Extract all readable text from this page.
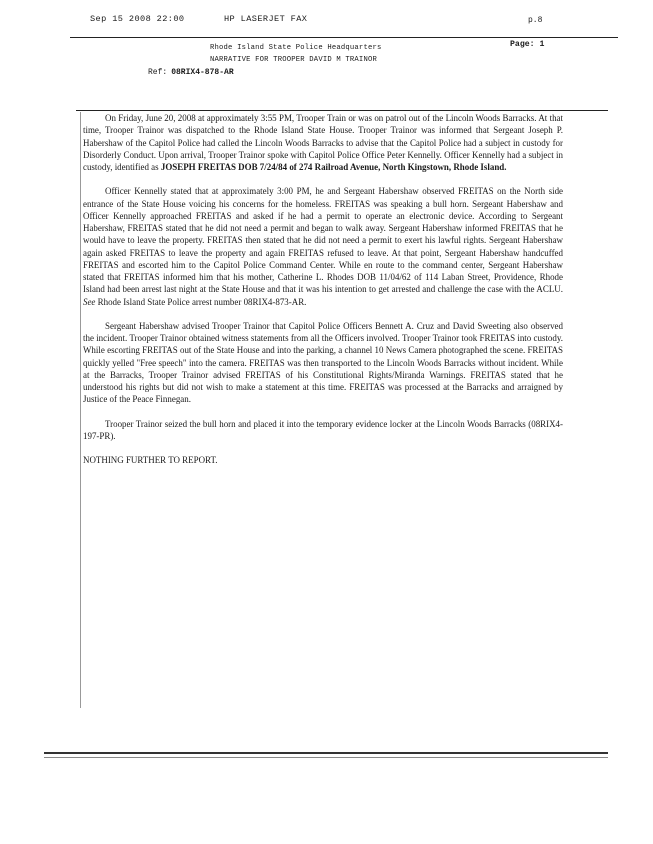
Sep 15 2008 22:00	HP LASERJET FAX	p.8
Rhode Island State Police Headquarters
NARRATIVE FOR TROOPER DAVID M TRAINOR
Page: 1
Ref: 08RIX4-878-AR

On Friday, June 20, 2008 at approximately 3:55 PM, Trooper Train or was on patrol out of the Lincoln Woods Barracks. At that time, Trooper Trainor was dispatched to the Rhode Island State House. Trooper Trainor was informed that Sergeant Joseph P. Habershaw of the Capitol Police had called the Lincoln Woods Barracks to advise that the Capitol Police had a subject in custody for Disorderly Conduct. Upon arrival, Trooper Trainor spoke with Capitol Police Office Peter Kennelly. Officer Kennelly had a subject in custody, identified as JOSEPH FREITAS DOB 7/24/84 of 274 Railroad Avenue, North Kingstown, Rhode Island.

Officer Kennelly stated that at approximately 3:00 PM, he and Sergeant Habershaw observed FREITAS on the North side entrance of the State House voicing his concerns for the homeless. FREITAS was speaking a bull horn. Sergeant Habershaw and Officer Kennelly approached FREITAS and asked if he had a permit to operate an electronic device. According to Sergeant Habershaw, FREITAS stated that he did not need a permit and began to walk away. Sergeant Habershaw informed FREITAS that he would have to leave the property. FREITAS then stated that he did not need a permit to exert his lawful rights. Sergeant Habershaw again asked FREITAS to leave the property and again FREITAS refused to leave. At that point, Sergeant Habershaw handcuffed FREITAS and escorted him to the Capitol Police Command Center. While en route to the command center, Sergeant Habershaw stated that FREITAS informed him that his mother, Catherine L. Rhodes DOB 11/04/62 of 114 Laban Street, Providence, Rhode Island had been arrest last night at the State House and that it was his intention to get arrested and challenge the case with the ACLU. See Rhode Island State Police arrest number 08RIX4-873-AR.

Sergeant Habershaw advised Trooper Trainor that Capitol Police Officers Bennett A. Cruz and David Sweeting also observed the incident. Trooper Trainor obtained witness statements from all the Officers involved. Trooper Trainor took FREITAS into custody. While escorting FREITAS out of the State House and into the parking, a channel 10 News Camera photographed the scene. FREITAS quickly yelled "Free speech" into the camera. FREITAS was then transported to the Lincoln Woods Barracks without incident. While at the Barracks, Trooper Trainor advised FREITAS of his Constitutional Rights/Miranda Warnings. FREITAS stated that he understood his rights but did not wish to make a statement at this time. FREITAS was processed at the Barracks and arraigned by Justice of the Peace Finnegan.

Trooper Trainor seized the bull horn and placed it into the temporary evidence locker at the Lincoln Woods Barracks (08RIX4-197-PR).

NOTHING FURTHER TO REPORT.
